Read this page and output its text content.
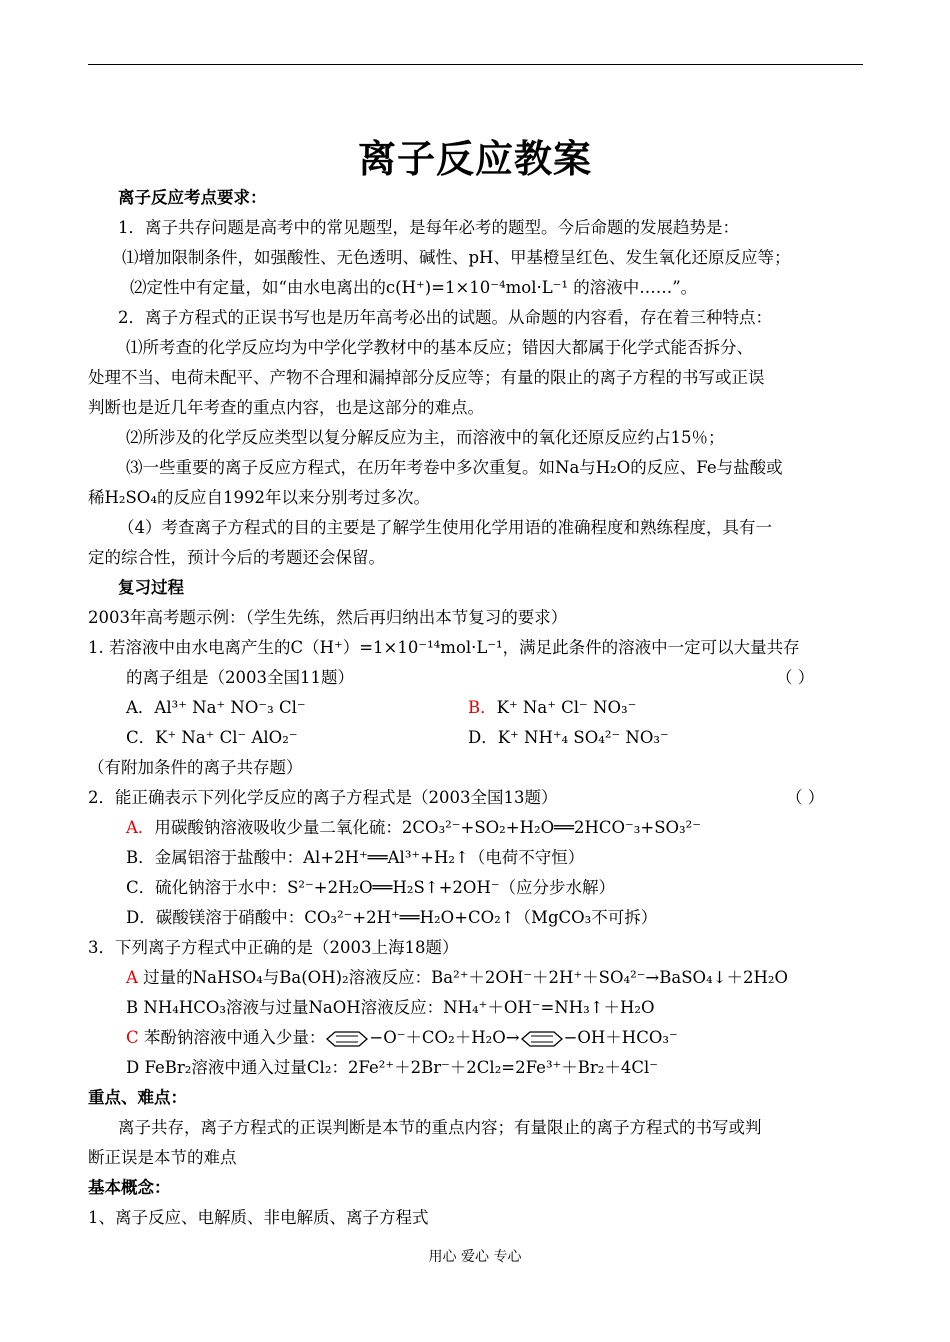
离子反应教案
离子反应考点要求：
1．离子共存问题是高考中的常见题型，是每年必考的题型。今后命题的发展趋势是：
⑴增加限制条件，如强酸性、无色透明、碱性、pH、甲基橙呈红色、发生氧化还原反应等；
⑵定性中有定量，如“由水电离出的c(H⁺)=1×10⁻⁴mol·L⁻¹ 的溶液中……”。
2．离子方程式的正误书写也是历年高考必出的试题。从命题的内容看，存在着三种特点：
⑴所考查的化学反应均为中学化学教材中的基本反应；错因大都属于化学式能否拆分、
处理不当、电荷未配平、产物不合理和漏掉部分反应等；有量的限止的离子方程的书写或正误
判断也是近几年考查的重点内容，也是这部分的难点。
⑵所涉及的化学反应类型以复分解反应为主，而溶液中的氧化还原反应约占15％；
⑶一些重要的离子反应方程式，在历年考卷中多次重复。如Na与H₂O的反应、Fe与盐酸或
稀H₂SO₄的反应自1992年以来分别考过多次。
（4）考查离子方程式的目的主要是了解学生使用化学用语的准确程度和熟练程度，具有一
定的综合性，预计今后的考题还会保留。
复习过程
2003年高考题示例：（学生先练，然后再归纳出本节复习的要求）
1. 若溶液中由水电离产生的C（H⁺）=1×10⁻¹⁴mol·L⁻¹，满足此条件的溶液中一定可以大量共存
的离子组是（2003全国11题）	（ ）
A．Al³⁺ Na⁺ NO⁻₃ Cl⁻	B．K⁺ Na⁺ Cl⁻ NO₃⁻
C．K⁺ Na⁺ Cl⁻ AlO₂⁻	D．K⁺ NH⁺₄ SO₄²⁻ NO₃⁻
（有附加条件的离子共存题）
2．能正确表示下列化学反应的离子方程式是（2003全国13题）	（ ）
A．用碳酸钠溶液吸收少量二氧化硫：2CO₃²⁻+SO₂+H₂O══2HCO⁻₃+SO₃²⁻
B．金属铝溶于盐酸中：Al+2H⁺══Al³⁺+H₂↑（电荷不守恒）
C．硫化钠溶于水中：S²⁻+2H₂O══H₂S↑+2OH⁻（应分步水解）
D．碳酸镁溶于硝酸中：CO₃²⁻+2H⁺══H₂O+CO₂↑（MgCO₃不可拆）
3．下列离子方程式中正确的是（2003上海18题）
A 过量的NaHSO₄与Ba(OH)₂溶液反应：Ba²⁺＋2OH⁻＋2H⁺＋SO₄²⁻→BaSO₄↓＋2H₂O
B NH₄HCO₃溶液与过量NaOH溶液反应：NH₄⁺＋OH⁻=NH₃↑＋H₂O
C 苯酚钠溶液中通入少量：	−O⁻＋CO₂＋H₂O→	−OH＋HCO₃⁻
D FeBr₂溶液中通入过量Cl₂：2Fe²⁺＋2Br⁻＋2Cl₂=2Fe³⁺＋Br₂＋4Cl⁻
重点、难点：
离子共存，离子方程式的正误判断是本节的重点内容；有量限止的离子方程式的书写或判
断正误是本节的难点
基本概念：
1、离子反应、电解质、非电解质、离子方程式
用心 爱心 专心
